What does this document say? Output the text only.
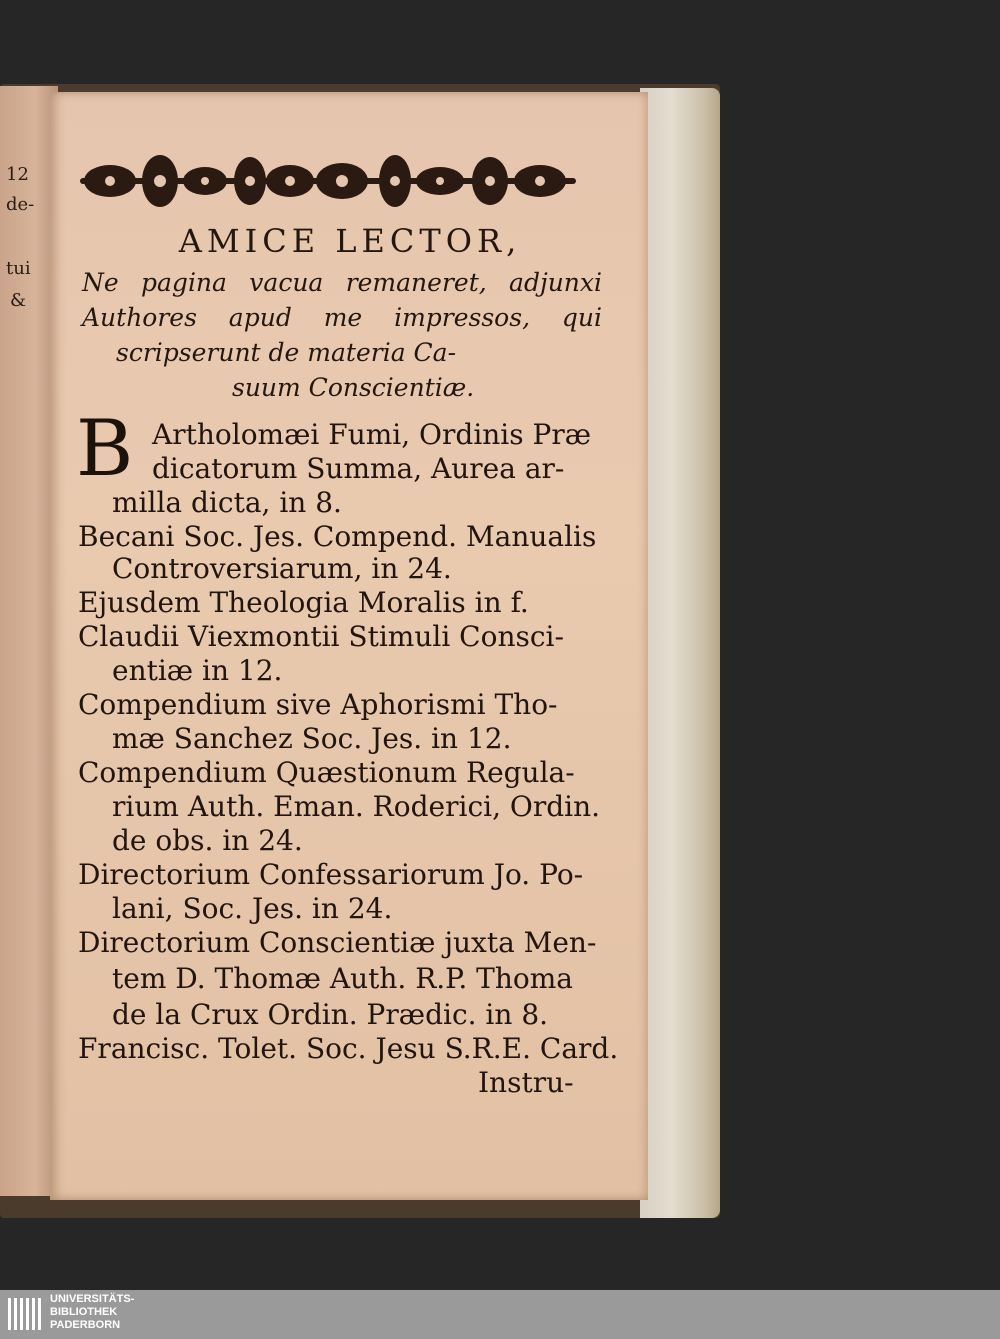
12
de-
tui
&
AMICE LECTOR,
Ne pagina vacua remaneret, adjunxi
Authores apud me impressos, qui
scripserunt de materia Ca-
suum Conscientiæ.
B Artholomæi Fumi, Ordinis Præ
dicatorum Summa, Aurea ar-
milla dicta, in 8.
Becani Soc. Jes. Compend. Manualis
Controversiarum, in 24.
Ejusdem Theologia Moralis in f.
Claudii Viexmontii Stimuli Consci-
entiæ in 12.
Compendium sive Aphorismi Tho-
mæ Sanchez Soc. Jes. in 12.
Compendium Quæstionum Regula-
rium Auth. Eman. Roderici, Ordin.
de obs. in 24.
Directorium Confessariorum Jo. Po-
lani, Soc. Jes. in 24.
Directorium Conscientiæ juxta Men-
tem D. Thomæ Auth. R.P. Thoma
de la Crux Ordin. Prædic. in 8.
Francisc. Tolet. Soc. Jesu S.R.E. Card.
Instru-
UNIVERSITÄTS-
BIBLIOTHEK
PADERBORN
